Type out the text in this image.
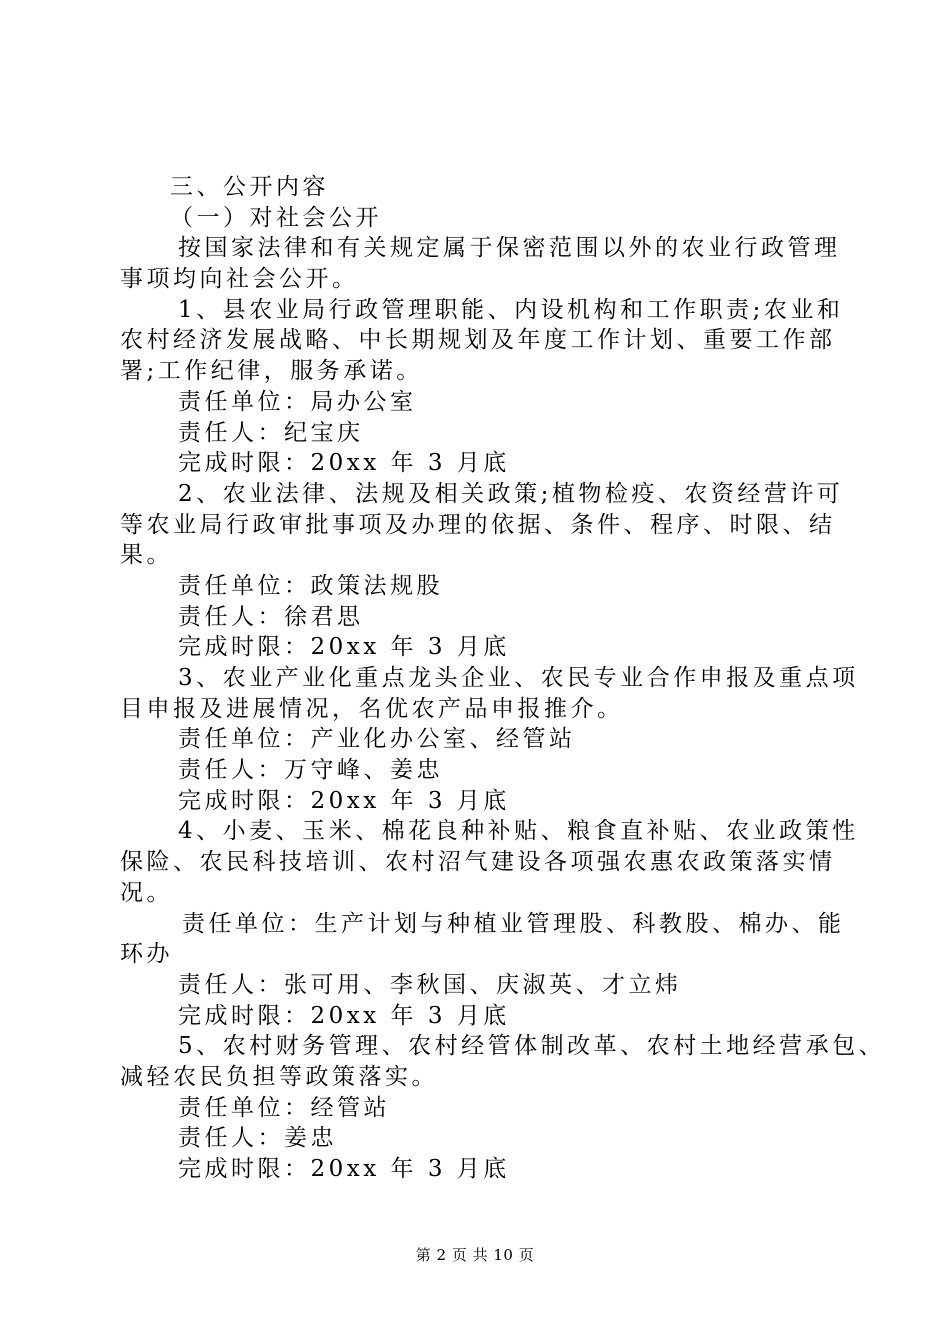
三、公开内容
（一）对社会公开
按国家法律和有关规定属于保密范围以外的农业行政管理
事项均向社会公开。
1、县农业局行政管理职能、内设机构和工作职责;农业和
农村经济发展战略、中长期规划及年度工作计划、重要工作部
署;工作纪律，服务承诺。
责任单位：局办公室
责任人：纪宝庆
完成时限：20xx 年 3 月底
2、农业法律、法规及相关政策;植物检疫、农资经营许可
等农业局行政审批事项及办理的依据、条件、程序、时限、结
果。
责任单位：政策法规股
责任人：徐君思
完成时限：20xx 年 3 月底
3、农业产业化重点龙头企业、农民专业合作申报及重点项
目申报及进展情况，名优农产品申报推介。
责任单位：产业化办公室、经管站
责任人：万守峰、姜忠
完成时限：20xx 年 3 月底
4、小麦、玉米、棉花良种补贴、粮食直补贴、农业政策性
保险、农民科技培训、农村沼气建设各项强农惠农政策落实情
况。
责任单位：生产计划与种植业管理股、科教股、棉办、能
环办
责任人：张可用、李秋国、庆淑英、才立炜
完成时限：20xx 年 3 月底
5、农村财务管理、农村经管体制改革、农村土地经营承包、
减轻农民负担等政策落实。
责任单位：经管站
责任人：姜忠
完成时限：20xx 年 3 月底
第 2 页 共 10 页
